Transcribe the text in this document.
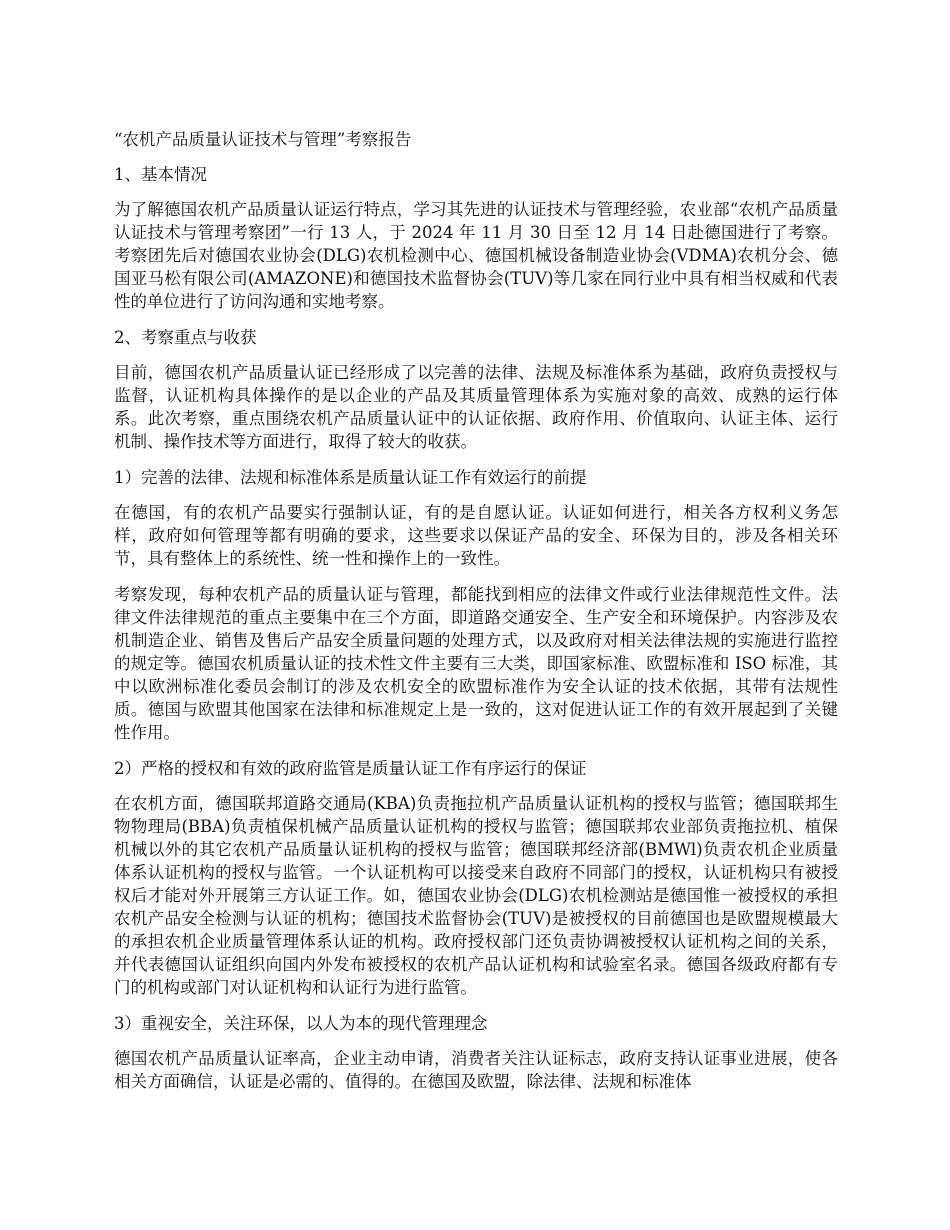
“农机产品质量认证技术与管理”考察报告

1、基本情况

为了解德国农机产品质量认证运行特点，学习其先进的认证技术与管理经验，农业部“农机产品质量认证技术与管理考察团”一行 13 人，于 2024 年 11 月 30 日至 12 月 14 日赴德国进行了考察。考察团先后对德国农业协会(DLG)农机检测中心、德国机械设备制造业协会(VDMA)农机分会、德国亚马松有限公司(AMAZONE)和德国技术监督协会(TUV)等几家在同行业中具有相当权威和代表性的单位进行了访问沟通和实地考察。

2、考察重点与收获

目前，德国农机产品质量认证已经形成了以完善的法律、法规及标准体系为基础，政府负责授权与监督，认证机构具体操作的是以企业的产品及其质量管理体系为实施对象的高效、成熟的运行体系。此次考察，重点围绕农机产品质量认证中的认证依据、政府作用、价值取向、认证主体、运行机制、操作技术等方面进行，取得了较大的收获。

1）完善的法律、法规和标准体系是质量认证工作有效运行的前提

在德国，有的农机产品要实行强制认证，有的是自愿认证。认证如何进行，相关各方权利义务怎样，政府如何管理等都有明确的要求，这些要求以保证产品的安全、环保为目的，涉及各相关环节，具有整体上的系统性、统一性和操作上的一致性。

考察发现，每种农机产品的质量认证与管理，都能找到相应的法律文件或行业法律规范性文件。法律文件法律规范的重点主要集中在三个方面，即道路交通安全、生产安全和环境保护。内容涉及农机制造企业、销售及售后产品安全质量问题的处理方式，以及政府对相关法律法规的实施进行监控的规定等。德国农机质量认证的技术性文件主要有三大类，即国家标准、欧盟标准和 ISO 标准，其中以欧洲标准化委员会制订的涉及农机安全的欧盟标准作为安全认证的技术依据，其带有法规性质。德国与欧盟其他国家在法律和标准规定上是一致的，这对促进认证工作的有效开展起到了关键性作用。

2）严格的授权和有效的政府监管是质量认证工作有序运行的保证

在农机方面，德国联邦道路交通局(KBA)负责拖拉机产品质量认证机构的授权与监管；德国联邦生物物理局(BBA)负责植保机械产品质量认证机构的授权与监管；德国联邦农业部负责拖拉机、植保机械以外的其它农机产品质量认证机构的授权与监管；德国联邦经济部(BMWl)负责农机企业质量体系认证机构的授权与监管。一个认证机构可以接受来自政府不同部门的授权，认证机构只有被授权后才能对外开展第三方认证工作。如，德国农业协会(DLG)农机检测站是德国惟一被授权的承担农机产品安全检测与认证的机构；德国技术监督协会(TUV)是被授权的目前德国也是欧盟规模最大的承担农机企业质量管理体系认证的机构。政府授权部门还负责协调被授权认证机构之间的关系，并代表德国认证组织向国内外发布被授权的农机产品认证机构和试验室名录。德国各级政府都有专门的机构或部门对认证机构和认证行为进行监管。

3）重视安全，关注环保，以人为本的现代管理理念

德国农机产品质量认证率高，企业主动申请，消费者关注认证标志，政府支持认证事业进展，使各相关方面确信，认证是必需的、值得的。在德国及欧盟，除法律、法规和标准体
